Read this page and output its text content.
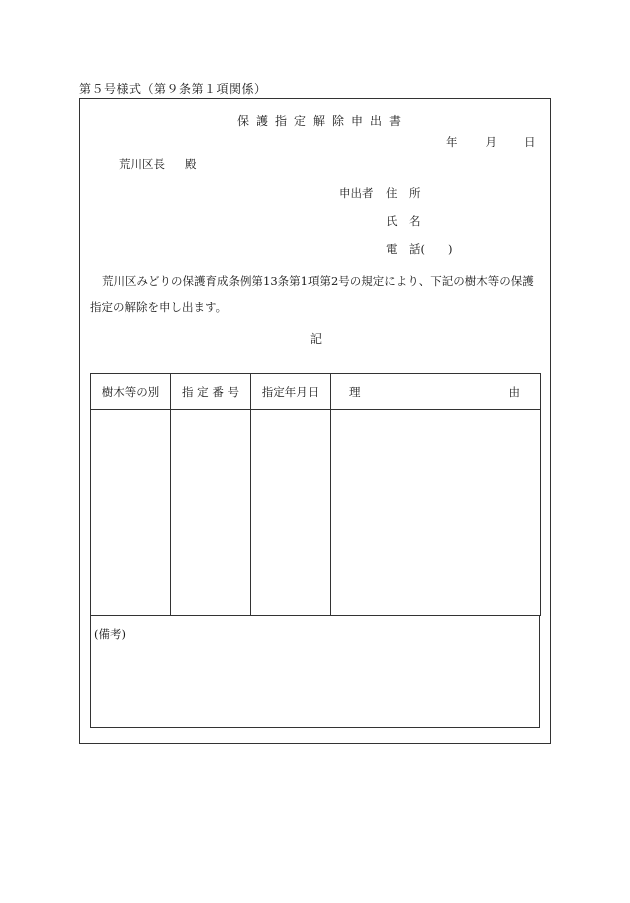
第５号様式（第９条第１項関係）
保護指定解除申出書
年 月 日
荒川区長 殿
申出者 住　所
氏　名
電　話(　　)
荒川区みどりの保護育成条例第13条第1項第2号の規定により、下記の樹木等の保護指定の解除を申し出ます。
記
樹木等の別	指 定 番 号	指定年月日	理 由

(備考)
